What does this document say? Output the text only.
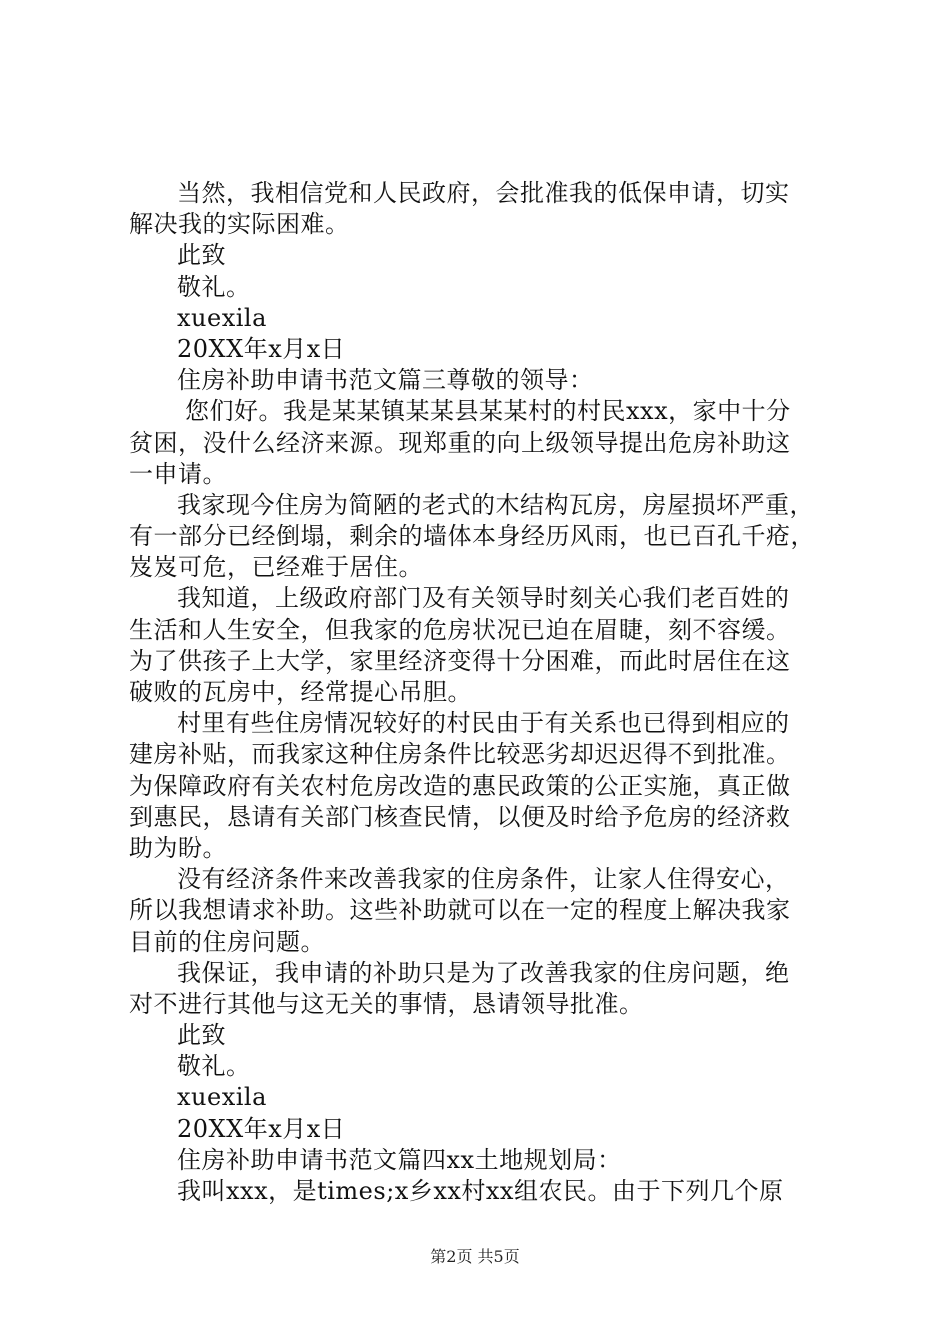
当然，我相信党和人民政府，会批准我的低保申请，切实
解决我的实际困难。
此致
敬礼。
xuexila
20XX年x月x日
住房补助申请书范文篇三尊敬的领导：
您们好。我是某某镇某某县某某村的村民xxx，家中十分
贫困，没什么经济来源。现郑重的向上级领导提出危房补助这
一申请。
我家现今住房为简陋的老式的木结构瓦房，房屋损坏严重，
有一部分已经倒塌，剩余的墙体本身经历风雨，也已百孔千疮，
岌岌可危，已经难于居住。
我知道，上级政府部门及有关领导时刻关心我们老百姓的
生活和人生安全，但我家的危房状况已迫在眉睫，刻不容缓。
为了供孩子上大学，家里经济变得十分困难，而此时居住在这
破败的瓦房中，经常提心吊胆。
村里有些住房情况较好的村民由于有关系也已得到相应的
建房补贴，而我家这种住房条件比较恶劣却迟迟得不到批准。
为保障政府有关农村危房改造的惠民政策的公正实施，真正做
到惠民，恳请有关部门核查民情，以便及时给予危房的经济救
助为盼。
没有经济条件来改善我家的住房条件，让家人住得安心，
所以我想请求补助。这些补助就可以在一定的程度上解决我家
目前的住房问题。
我保证，我申请的补助只是为了改善我家的住房问题，绝
对不进行其他与这无关的事情，恳请领导批准。
此致
敬礼。
xuexila
20XX年x月x日
住房补助申请书范文篇四xx土地规划局：
我叫xxx，是times;x乡xx村xx组农民。由于下列几个原
第2页 共5页
